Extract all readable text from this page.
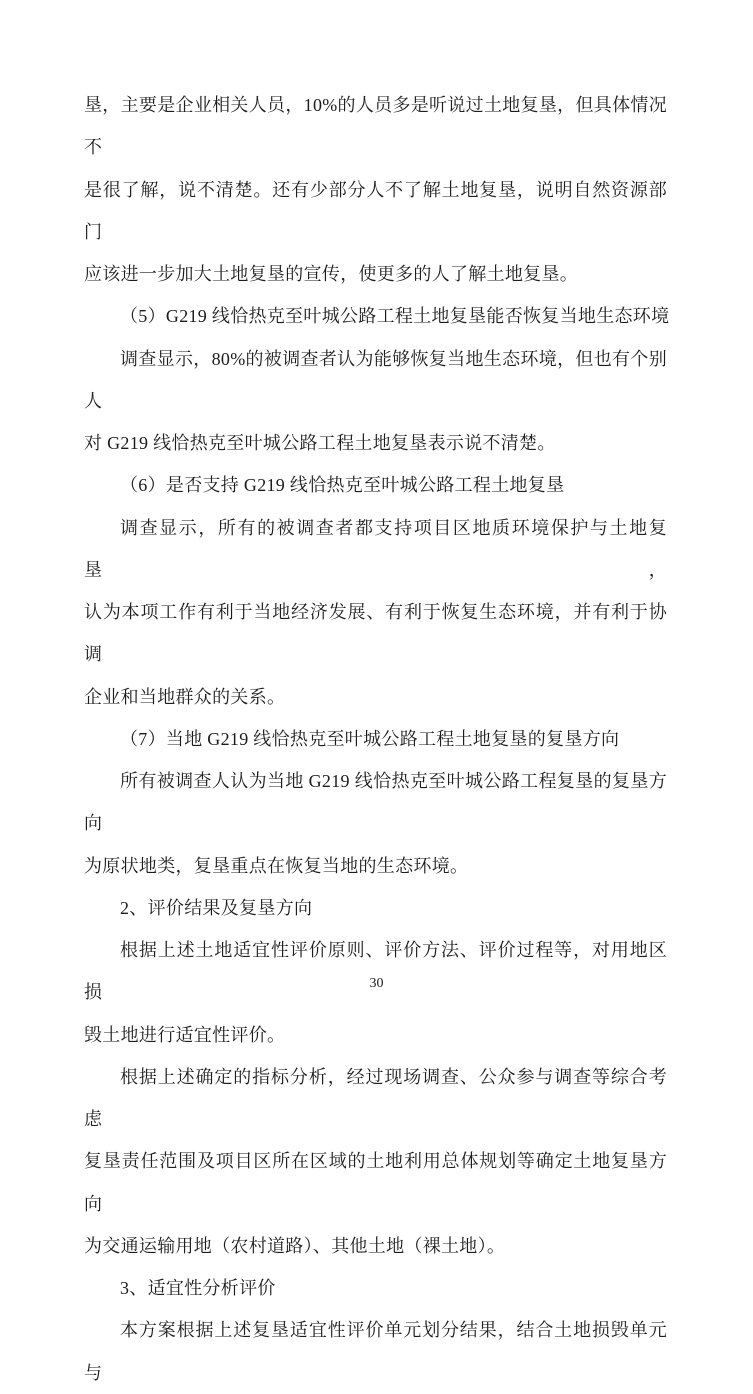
垦，主要是企业相关人员，10%的人员多是听说过土地复垦，但具体情况不
是很了解，说不清楚。还有少部分人不了解土地复垦，说明自然资源部门
应该进一步加大土地复垦的宣传，使更多的人了解土地复垦。

（5）G219 线恰热克至叶城公路工程土地复垦能否恢复当地生态环境

调查显示，80%的被调查者认为能够恢复当地生态环境，但也有个别人
对 G219 线恰热克至叶城公路工程土地复垦表示说不清楚。

（6）是否支持 G219 线恰热克至叶城公路工程土地复垦

调查显示，所有的被调查者都支持项目区地质环境保护与土地复垦，
认为本项工作有利于当地经济发展、有利于恢复生态环境，并有利于协调
企业和当地群众的关系。

（7）当地 G219 线恰热克至叶城公路工程土地复垦的复垦方向

所有被调查人认为当地 G219 线恰热克至叶城公路工程复垦的复垦方向
为原状地类，复垦重点在恢复当地的生态环境。

2、评价结果及复垦方向

根据上述土地适宜性评价原则、评价方法、评价过程等，对用地区损
毁土地进行适宜性评价。

根据上述确定的指标分析，经过现场调查、公众参与调查等综合考虑
复垦责任范围及项目区所在区域的土地利用总体规划等确定土地复垦方向
为交通运输用地（农村道路）、其他土地（裸土地）。

3、适宜性分析评价

本方案根据上述复垦适宜性评价单元划分结果，结合土地损毁单元与

30
